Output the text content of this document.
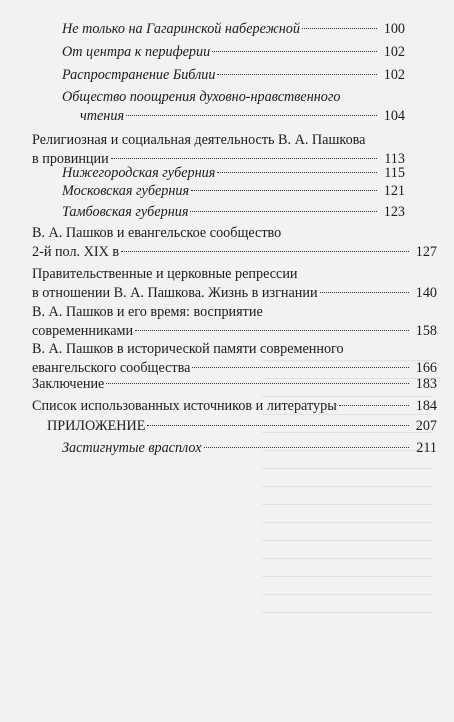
Не только на Гагаринской набережной	100
От центра к периферии	102
Распространение Библии	102
Общество поощрения духовно-нравственного
чтения	104
Религиозная и социальная деятельность В. А. Пашкова
в провинции	113
Нижегородская губерния	115
Московская губерния	121
Тамбовская губерния	123
В. А. Пашков и евангельское сообщество
2-й пол. XIX в	127
Правительственные и церковные репрессии
в отношении В. А. Пашкова. Жизнь в изгнании	140
В. А. Пашков и его время: восприятие
современниками	158
В. А. Пашков в исторической памяти современного
евангельского сообщества	166
Заключение	183
Список использованных источников и литературы	184
ПРИЛОЖЕНИЕ	207
Застигнутые врасплох	211
